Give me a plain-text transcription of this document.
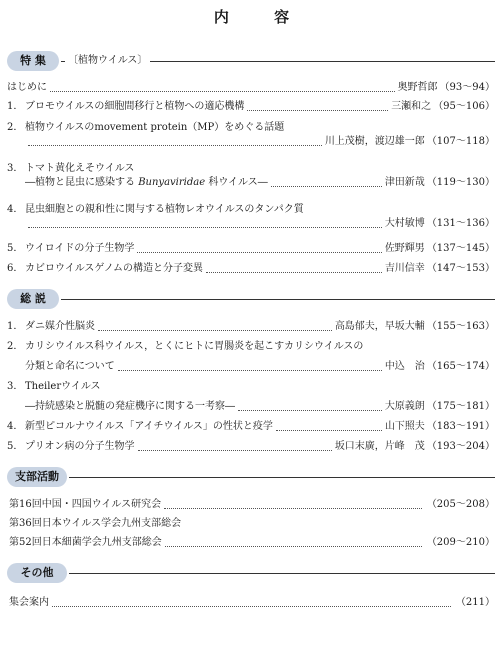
内 容
特 集	〔植物ウイルス〕
はじめに	奥野哲郎 （93～94）
1． ブロモウイルスの細胞間移行と植物への適応機構	三瀬和之 （95～106）
2． 植物ウイルスのmovement protein（MP）をめぐる話題
川上茂樹，渡辺雄一郎 （107～118）
3． トマト黄化えそウイルス
―植物と昆虫に感染する Bunyaviridae 科ウイルス―	津田新哉 （119～130）
4． 昆虫細胞との親和性に関与する植物レオウイルスのタンパク質
大村敏博 （131～136）
5． ウイロイドの分子生物学	佐野輝男 （137～145）
6． カビロウイルスゲノムの構造と分子変異	吉川信幸 （147～153）
総 説
1． ダニ媒介性脳炎	高島郁夫，早坂大輔 （155～163）
2． カリシウイルス科ウイルス，とくにヒトに胃腸炎を起こすカリシウイルスの
分類と命名について	中込　治 （165～174）
3． Theilerウイルス
―持続感染と脱髄の発症機序に関する一考察―	大原義朗 （175～181）
4． 新型ピコルナウイルス「アイチウイルス」の性状と疫学	山下照夫 （183～191）
5． プリオン病の分子生物学	坂口末廣，片峰　茂 （193～204）
支部活動
第16回中国・四国ウイルス研究会	（205～208）
第36回日本ウイルス学会九州支部総会
第52回日本細菌学会九州支部総会	（209～210）
その他
集会案内	（211）
